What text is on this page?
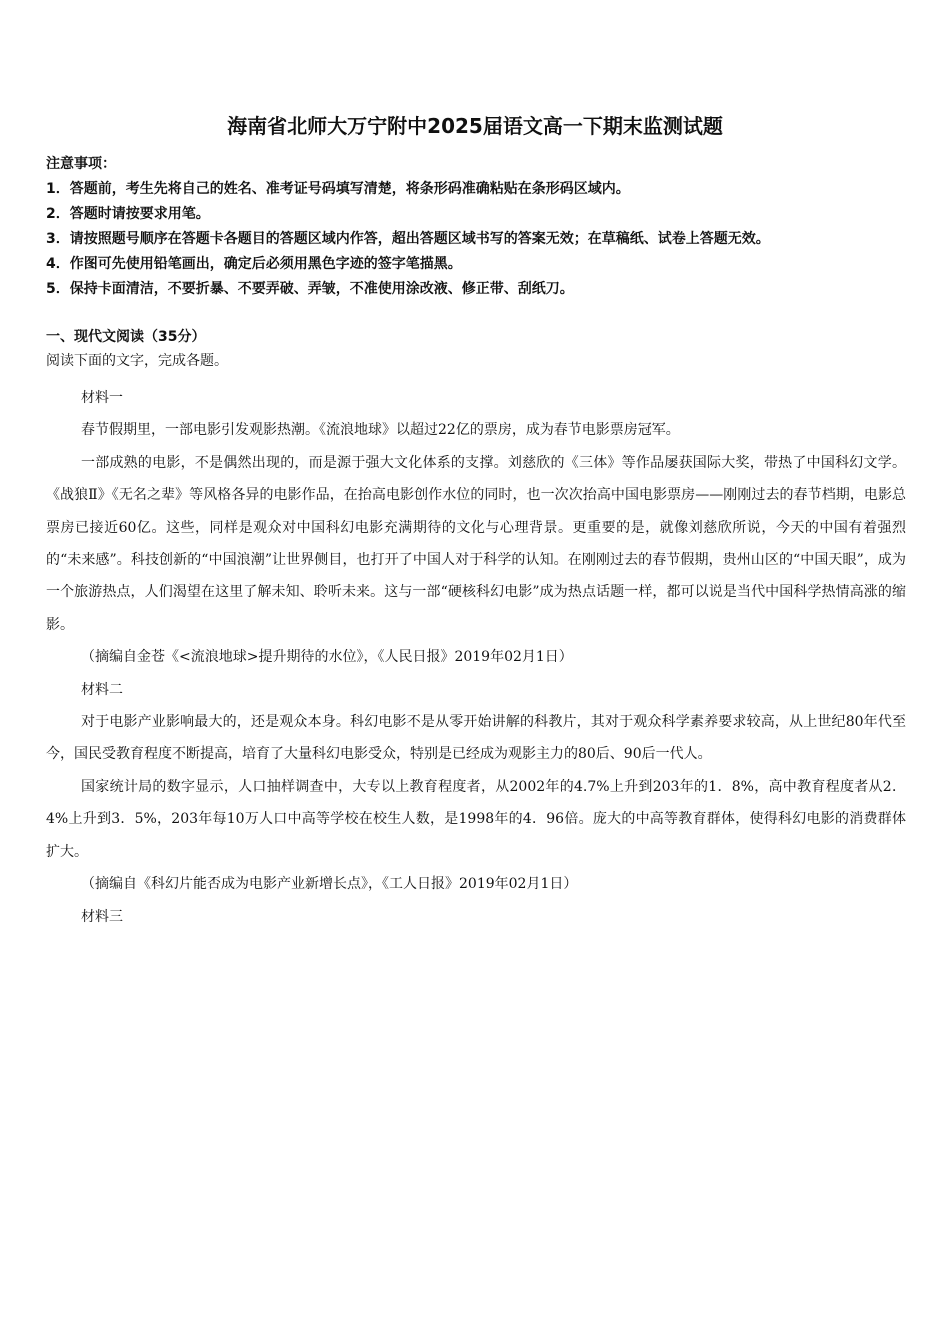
海南省北师大万宁附中2025届语文高一下期末监测试题
注意事项：
1．答题前，考生先将自己的姓名、准考证号码填写清楚，将条形码准确粘贴在条形码区域内。
2．答题时请按要求用笔。
3．请按照题号顺序在答题卡各题目的答题区域内作答，超出答题区域书写的答案无效；在草稿纸、试卷上答题无效。
4．作图可先使用铅笔画出，确定后必须用黑色字迹的签字笔描黑。
5．保持卡面清洁，不要折暴、不要弄破、弄皱，不准使用涂改液、修正带、刮纸刀。
一、现代文阅读（35分）
阅读下面的文字，完成各题。

材料一

春节假期里，一部电影引发观影热潮。《流浪地球》以超过22亿的票房，成为春节电影票房冠军。

一部成熟的电影，不是偶然出现的，而是源于强大文化体系的支撑。刘慈欣的《三体》等作品屡获国际大奖，带热了中国科幻文学。《战狼Ⅱ》《无名之辈》等风格各异的电影作品，在抬高电影创作水位的同时，也一次次抬高中国电影票房——刚刚过去的春节档期，电影总票房已接近60亿。这些，同样是观众对中国科幻电影充满期待的文化与心理背景。更重要的是，就像刘慈欣所说，今天的中国有着强烈的“未来感”。科技创新的“中国浪潮”让世界侧目，也打开了中国人对于科学的认知。在刚刚过去的春节假期，贵州山区的“中国天眼”，成为一个旅游热点，人们渴望在这里了解未知、聆听未来。这与一部“硬核科幻电影”成为热点话题一样，都可以说是当代中国科学热情高涨的缩影。

（摘编自金苍《<流浪地球>提升期待的水位》，《人民日报》2019年02月1日）

材料二

对于电影产业影响最大的，还是观众本身。科幻电影不是从零开始讲解的科教片，其对于观众科学素养要求较高，从上世纪80年代至今，国民受教育程度不断提高，培育了大量科幻电影受众，特别是已经成为观影主力的80后、90后一代人。

国家统计局的数字显示，人口抽样调查中，大专以上教育程度者，从2002年的4.7%上升到203年的1．8%，高中教育程度者从2．4%上升到3．5%，203年每10万人口中高等学校在校生人数，是1998年的4．96倍。庞大的中高等教育群体，使得科幻电影的消费群体扩大。

（摘编自《科幻片能否成为电影产业新增长点》，《工人日报》2019年02月1日）

材料三
